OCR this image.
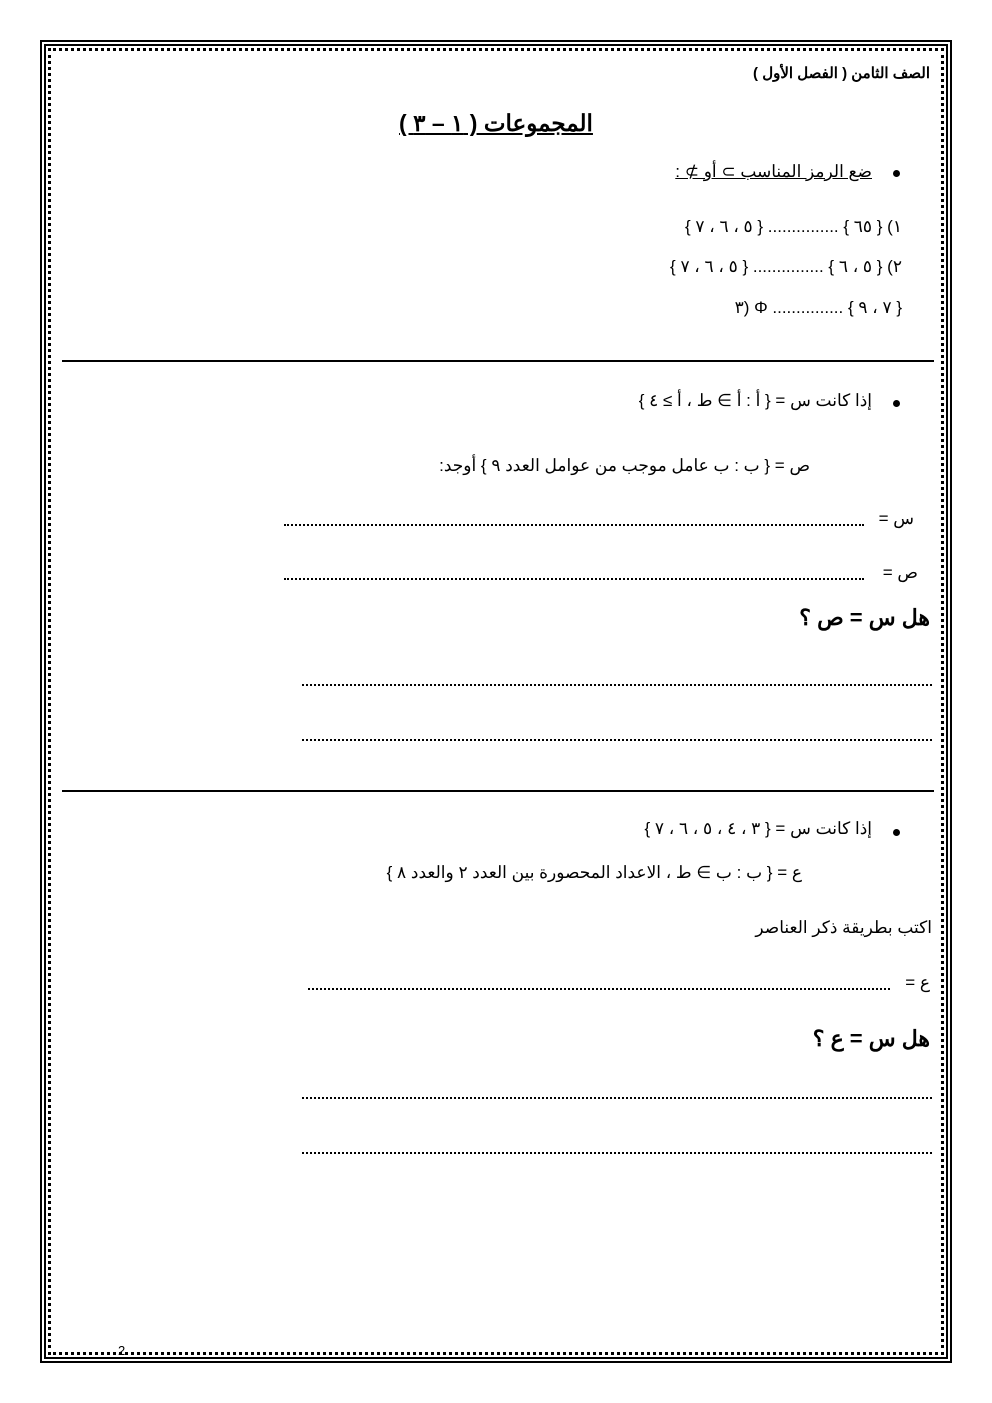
الصف الثامن ( الفصل الأول )
المجموعات ( ١ – ٣ )
ضع الرمز المناسب ⊃ أو ⊅ :
١) { ٦٥ } ............... { ٥ ، ٦ ، ٧ }
٢) { ٥ ، ٦ } ............... { ٥ ، ٦ ، ٧ }
٣) Φ ............... { ٧ ، ٩ }
إذا كانت س = { أ : أ ∋ ط ، أ ≥ ٤ }
ص = { ب : ب عامل موجب من عوامل العدد ٩ } أوجد:
س =
ص =
هل س = ص ؟
إذا كانت س = { ٣ ، ٤ ، ٥ ، ٦ ، ٧ }
ع = { ب : ب ∋ ط ، الاعداد المحصورة بين العدد ٢ والعدد ٨ }
اكتب بطريقة ذكر العناصر
ع =
هل س = ع ؟
2
